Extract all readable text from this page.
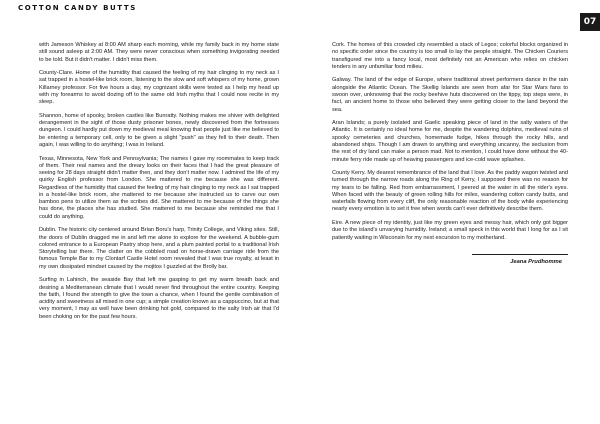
COTTON CANDY BUTTS
07

with Jameson Whiskey at 8:00 AM sharp each morning, while my family back in my home state still sound asleep at 2:00 AM. They were never conscious when something invigorating needed to be told. But it didn't matter. I didn't miss them.

County-Clare. Home of the humidity that caused the feeling of my hair clinging to my neck as I sat trapped in a hostel-like brick room, listening to the slow and soft whispers of my home, grown Killarney professor. For five hours a day, my cognizant skills were tested as I help my head up with my forearms to avoid dozing off to the same old Irish myths that I could now recite in my sleep.

Shannon, home of spooky, broken castles like Bunratty. Nothing makes me shiver with delighted derangement in the sight of those dusty prisoner bones, newly discovered from the fortresses dungeon. I could hardly put down my medieval meal knowing that people just like me believed to be entering a temporary cell, only to be given a slight "push" as they fell to their death. Then again, I was willing to do anything; I was in Ireland.

Texas, Minnesota, New York and Pennsylvania; The names I gave my roommates to keep track of them. Their real names and the dreary looks on their faces that I had the great pleasure of seeing for 28 days straight didn't matter then, and they don't matter now. I admired the life of my quirky English professor from London. She mattered to me because she was different. Regardless of the humidity that caused the feeling of my hair clinging to my neck as I sat trapped in a hostel-like brick room, she mattered to me because she instructed us to carve our own bamboo pens to utilize them as the scribes did. She mattered to me because of the things she has done, the places she has studied. She mattered to me because she reminded me that I could do anything.

Dublin. The historic city centered around Brian Boru's harp, Trinity College, and Viking sites. Still, the doors of Dublin dragged me in and left me alone to explore for the weekend. A bubble-gum colored entrance to a European Pastry shop here, and a plum painted portal to a traditional Irish Storytelling bar there. The clatter on the cobbled road on horse-drawn carriage ride from the famous Temple Bar to my Clontarf Castle Hotel room revealed that I was true royalty, at least in my own dissipated mindset caused by the mojitos I guzzled at the Brolly bar.

Surfing in Lahinch, the seaside Bay that left me gasping to get my warm breath back and desiring a Mediterranean climate that I would never find throughout the entire country. Keeping the faith, I found the strength to give the town a chance, when I found the gentle combination of acidity and sweetness all mixed in one cup; a simple creation known as a cappuccino, but at that very moment, I may as well have been drinking hot gold, compared to the salty Irish air that I'd been choking on for the past few hours.

Cork. The homes of this crowded city resembled a stack of Legos; colorful blocks organized in no specific order since the country is too small to lay the people straight. The Chicken Couriers transfigured me into a fancy local, most definitely not an American who relies on chicken tenders in any unfamiliar food milieu.

Galway. The land of the edge of Europe, where traditional street performers dance in the rain alongside the Atlantic Ocean. The Skellig Islands are seen from afar for Star Wars fans to swoon over, unknowing that the rocky beehive huts discovered on the tippy, top steps were, in fact, an ancient home to those who believed they were getting closer to the land beyond the sea.

Aran Islands; a purely isolated and Gaelic speaking piece of land in the salty waters of the Atlantic. It is certainly no ideal home for me, despite the wandering dolphins, medieval ruins of spooky cemeteries and churches, homemade fudge, hikes through the rocky hills, and abandoned ships. Though I am drawn to anything and everything uncanny, the seclusion from the rest of dry land can make a person mad. Not to mention, I could have done without the 40-minute ferry ride made up of heaving passengers and ice-cold wave splashes.

County Kerry. My dearest remembrance of the land that I love. As the paddy wagon twisted and turned through the narrow roads along the Ring of Kerry, I supposed there was no reason for my tears to be falling. Red from embarrassment, I peered at the water in all the rider's eyes. When faced with the beauty of green rolling hills for miles, wandering cotton candy butts, and waterfalls flowing from every cliff, the only reasonable reaction of the body while experiencing nearly every emotion is to set it free when words can't ever definitively describe them.

Eire. A new piece of my identity, just like my green eyes and messy hair, which only got bigger due to the island's unvarying humidity. Ireland; a small speck in this world that I long for as I sit patiently waiting in Wisconsin for my next excursion to my motherland.

Jeana Prudhomme
